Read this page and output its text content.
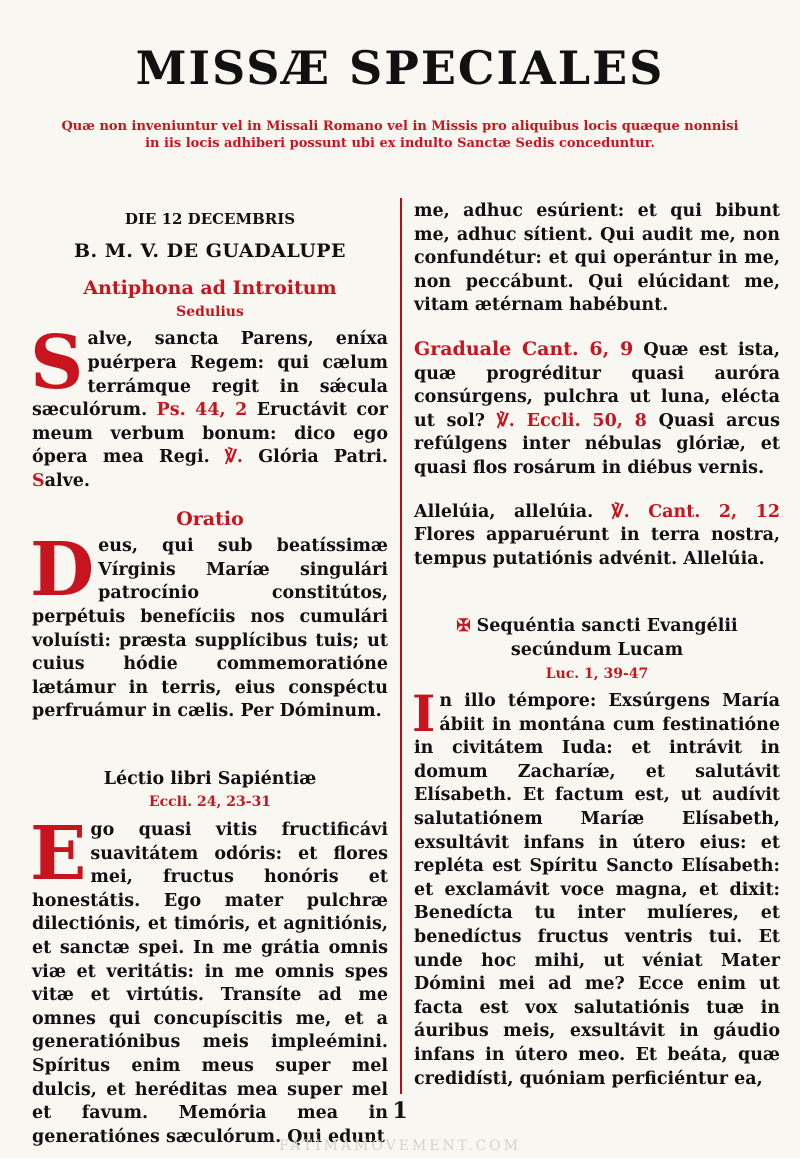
MISSÆ SPECIALES
Quæ non inveniuntur vel in Missali Romano vel in Missis pro aliquibus locis quæque nonnisi in iis locis adhiberi possunt ubi ex indulto Sanctæ Sedis conceduntur.
DIE 12 DECEMBRIS
B. M. V. DE GUADALUPE
Antiphona ad Introitum
Sedulius

Salve, sancta Parens, eníxa puérpera Regem: qui cælum terrámque regit in sǽcula sæculórum. Ps. 44, 2 Eructávit cor meum verbum bonum: dico ego ópera mea Regi. ℣. Glória Patri. Salve.

Oratio

Deus, qui sub beatíssimæ Vírginis Maríæ singulári patrocínio constitútos, perpétuis benefíciis nos cumulári voluísti: præsta supplícibus tuis; ut cuius hódie commemoratióne lætámur in terris, eius conspéctu perfruámur in cælis. Per Dóminum.

Léctio libri Sapiéntiæ
Eccli. 24, 23-31

Ego quasi vitis fructificávi suavitátem odóris: et flores mei, fructus honóris et honestátis. Ego mater pulchræ dilectiónis, et timóris, et agnitiónis, et sanctæ spei. In me grátia omnis viæ et veritátis: in me omnis spes vitæ et virtútis. Transíte ad me omnes qui concupíscitis me, et a generatiónibus meis impleémini. Spíritus enim meus super mel dulcis, et heréditas mea super mel et favum. Memória mea in generatiónes sæculórum. Qui edunt

me, adhuc esúrient: et qui bibunt me, adhuc sítient. Qui audit me, non confundétur: et qui operántur in me, non peccábunt. Qui elúcidant me, vitam ætérnam habébunt.

Graduale Cant. 6, 9 Quæ est ista, quæ progréditur quasi auróra consúrgens, pulchra ut luna, elécta ut sol? ℣. Eccli. 50, 8 Quasi arcus refúlgens inter nébulas glóriæ, et quasi flos rosárum in diébus vernis.

Allelúia, allelúia. ℣. Cant. 2, 12 Flores apparuérunt in terra nostra, tempus putatiónis advénit. Allelúia.

✠ Sequéntia sancti Evangélii secúndum Lucam
Luc. 1, 39-47

In illo témpore: Exsúrgens María ábiit in montána cum festinatióne in civitátem Iuda: et intrávit in domum Zacharíæ, et salutávit Elísabeth. Et factum est, ut audívit salutatiónem Maríæ Elísabeth, exsultávit infans in útero eius: et repléta est Spíritu Sancto Elísabeth: et exclamávit voce magna, et dixit: Benedícta tu inter mulíeres, et benedíctus fructus ventris tui. Et unde hoc mihi, ut véniat Mater Dómini mei ad me? Ecce enim ut facta est vox salutatiónis tuæ in áuribus meis, exsultávit in gáudio infans in útero meo. Et beáta, quæ credidísti, quóniam perficiéntur ea,

1
FATIMAMOVEMENT.COM
